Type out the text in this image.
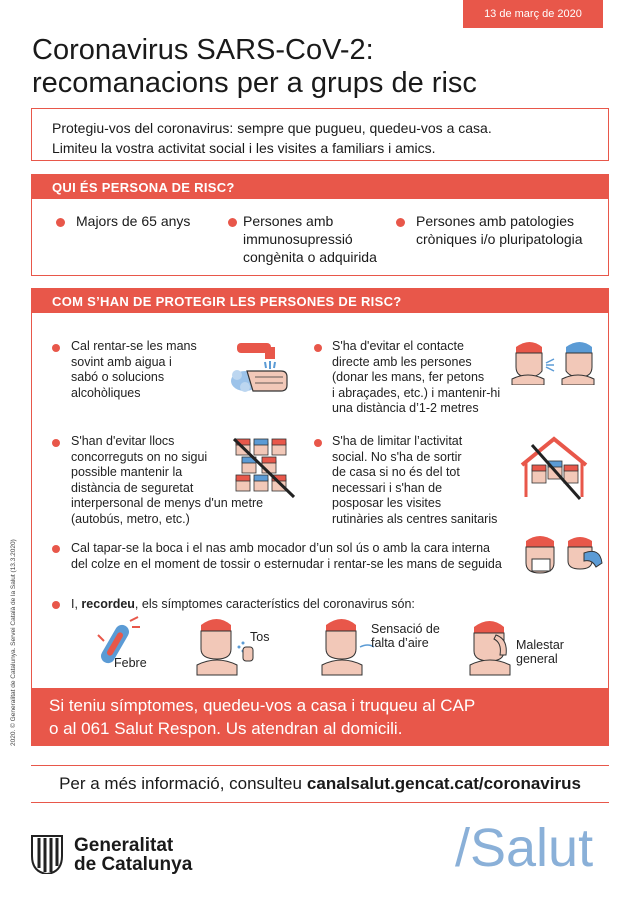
13 de març de 2020
Coronavirus SARS-CoV-2:
recomanacions per a grups de risc
Protegiu-vos del coronavirus: sempre que pugueu, quedeu-vos a casa.
Limiteu la vostra activitat social i les visites a familiars i amics.
QUI ÉS PERSONA DE RISC?
Majors de 65 anys	Persones amb
immunosupressió
congènita o adquirida
Persones amb patologies
cròniques i/o pluripatologia
COM S’HAN DE PROTEGIR LES PERSONES DE RISC?
Cal rentar-se les mans
sovint amb aigua i
sabó o solucions
alcohòliques
S'ha d'evitar el contacte
directe amb les persones
(donar les mans, fer petons
i abraçades, etc.) i mantenir-hi
una distància d’1-2 metres
S'han d'evitar llocs
concorreguts on no sigui
possible mantenir la
distància de seguretat
interpersonal de menys d'un metre
(autobús, metro, etc.)
S'ha de limitar l’activitat
social. No s'ha de sortir
de casa si no és del tot
necessari i s'han de
posposar les visites
rutinàries als centres sanitaris
Cal tapar-se la boca i el nas amb mocador d’un sol ús o amb la cara interna
del colze en el moment de tossir o esternudar i rentar-se les mans de seguida
I, recordeu, els símptomes característics del coronavirus són:
Febre
Tos
Sensació de
falta d’aire	Malestar
general
Si teniu símptomes, quedeu-vos a casa i truqueu al CAP
o al 061 Salut Respon. Us atendran al domicili.
Per a més informació, consulteu canalsalut.gencat.cat/coronavirus
2020. © Generalitat de Catalunya. Servei Català de la Salut (13.3.2020)
Generalitat
de Catalunya	/Salut
